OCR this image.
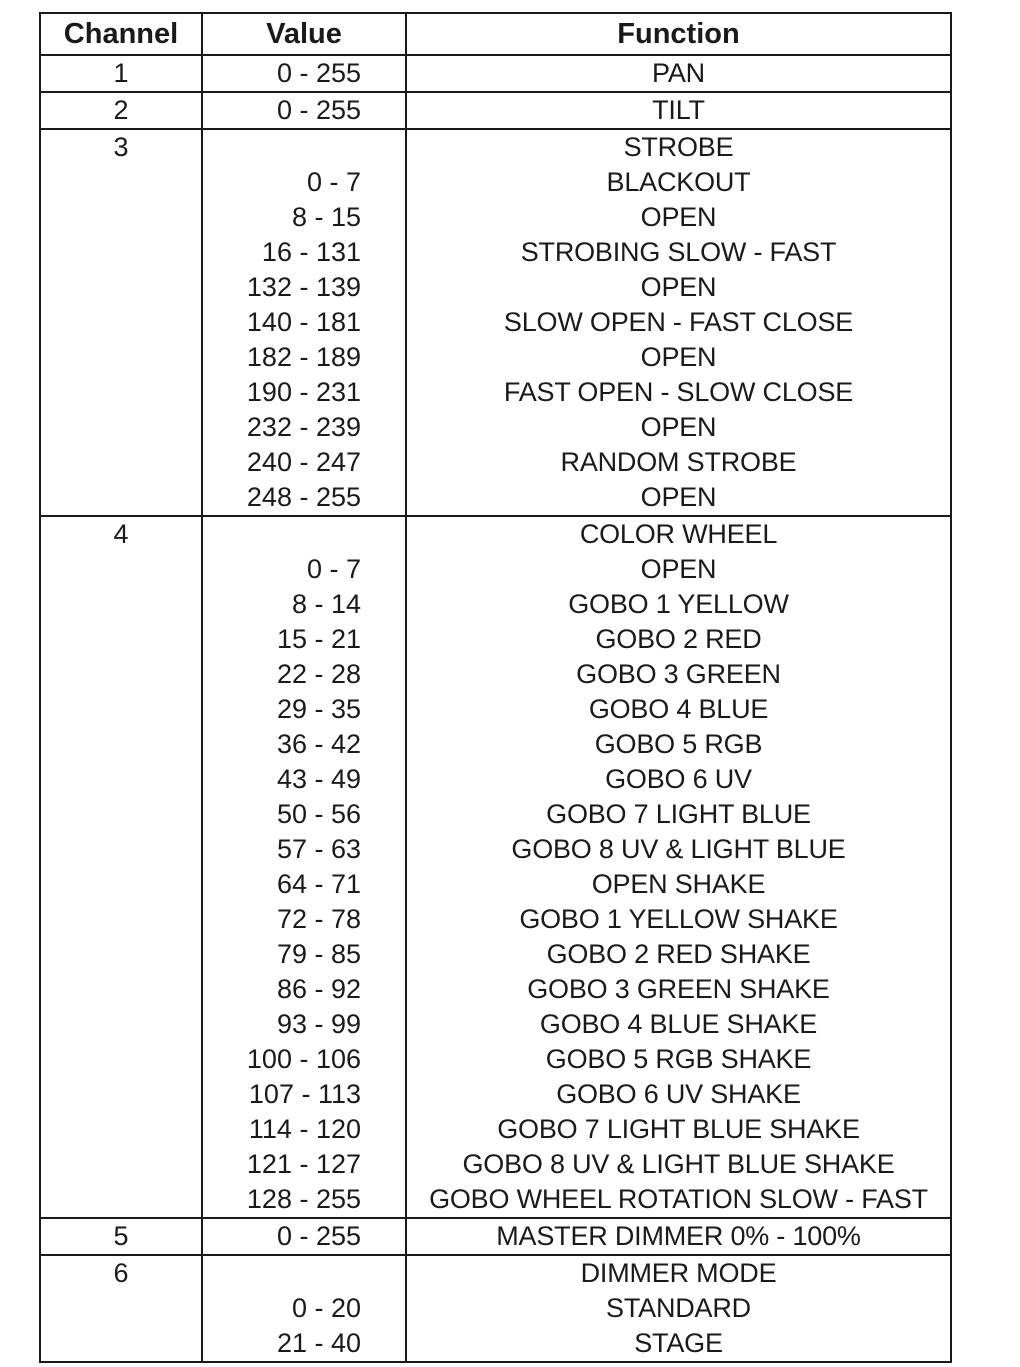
Channel	Value	Function
1	0 - 255	PAN
2	0 - 255	TILT
3		STROBE
	0 - 7	BLACKOUT
	8 - 15	OPEN
	16 - 131	STROBING SLOW - FAST
	132 - 139	OPEN
	140 - 181	SLOW OPEN - FAST CLOSE
	182 - 189	OPEN
	190 - 231	FAST OPEN - SLOW CLOSE
	232 - 239	OPEN
	240 - 247	RANDOM STROBE
	248 - 255	OPEN
4		COLOR WHEEL
	0 - 7	OPEN
	8 - 14	GOBO 1 YELLOW
	15 - 21	GOBO 2 RED
	22 - 28	GOBO 3 GREEN
	29 - 35	GOBO 4 BLUE
	36 - 42	GOBO 5 RGB
	43 - 49	GOBO 6 UV
	50 - 56	GOBO 7 LIGHT BLUE
	57 - 63	GOBO 8 UV & LIGHT BLUE
	64 - 71	OPEN SHAKE
	72 - 78	GOBO 1 YELLOW SHAKE
	79 - 85	GOBO 2 RED SHAKE
	86 - 92	GOBO 3 GREEN SHAKE
	93 - 99	GOBO 4 BLUE SHAKE
	100 - 106	GOBO 5 RGB SHAKE
	107 - 113	GOBO 6 UV SHAKE
	114 - 120	GOBO 7 LIGHT BLUE SHAKE
	121 - 127	GOBO 8 UV & LIGHT BLUE SHAKE
	128 - 255	GOBO WHEEL ROTATION SLOW - FAST
5	0 - 255	MASTER DIMMER 0% - 100%
6		DIMMER MODE
	0 - 20	STANDARD
	21 - 40	STAGE
